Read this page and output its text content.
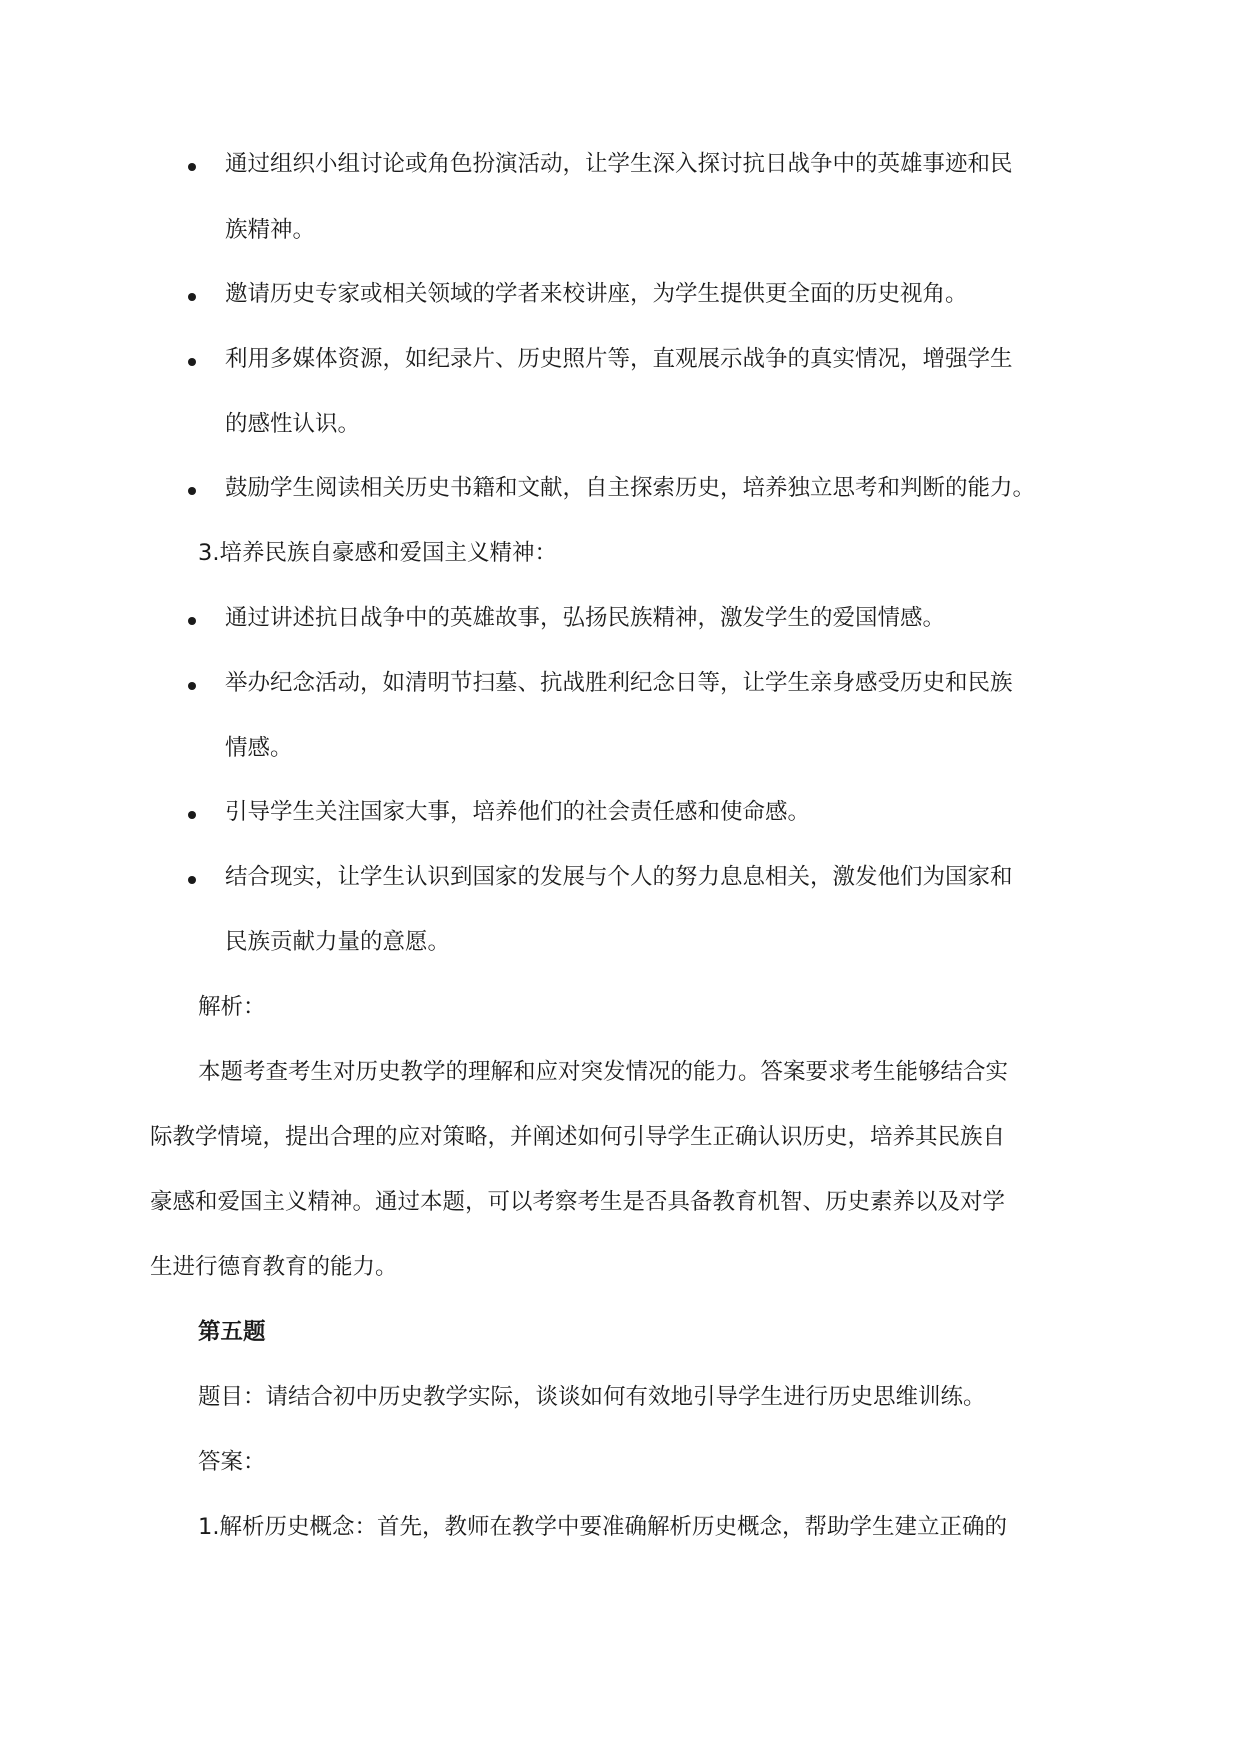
通过组织小组讨论或角色扮演活动，让学生深入探讨抗日战争中的英雄事迹和民
族精神。
邀请历史专家或相关领域的学者来校讲座，为学生提供更全面的历史视角。
利用多媒体资源，如纪录片、历史照片等，直观展示战争的真实情况，增强学生
的感性认识。
鼓励学生阅读相关历史书籍和文献，自主探索历史，培养独立思考和判断的能力。
3.培养民族自豪感和爱国主义精神：
通过讲述抗日战争中的英雄故事，弘扬民族精神，激发学生的爱国情感。
举办纪念活动，如清明节扫墓、抗战胜利纪念日等，让学生亲身感受历史和民族
情感。
引导学生关注国家大事，培养他们的社会责任感和使命感。
结合现实，让学生认识到国家的发展与个人的努力息息相关，激发他们为国家和
民族贡献力量的意愿。
解析：
本题考查考生对历史教学的理解和应对突发情况的能力。答案要求考生能够结合实
际教学情境，提出合理的应对策略，并阐述如何引导学生正确认识历史，培养其民族自
豪感和爱国主义精神。通过本题，可以考察考生是否具备教育机智、历史素养以及对学
生进行德育教育的能力。
第五题
题目：请结合初中历史教学实际，谈谈如何有效地引导学生进行历史思维训练。
答案：
1.解析历史概念：首先，教师在教学中要准确解析历史概念，帮助学生建立正确的
